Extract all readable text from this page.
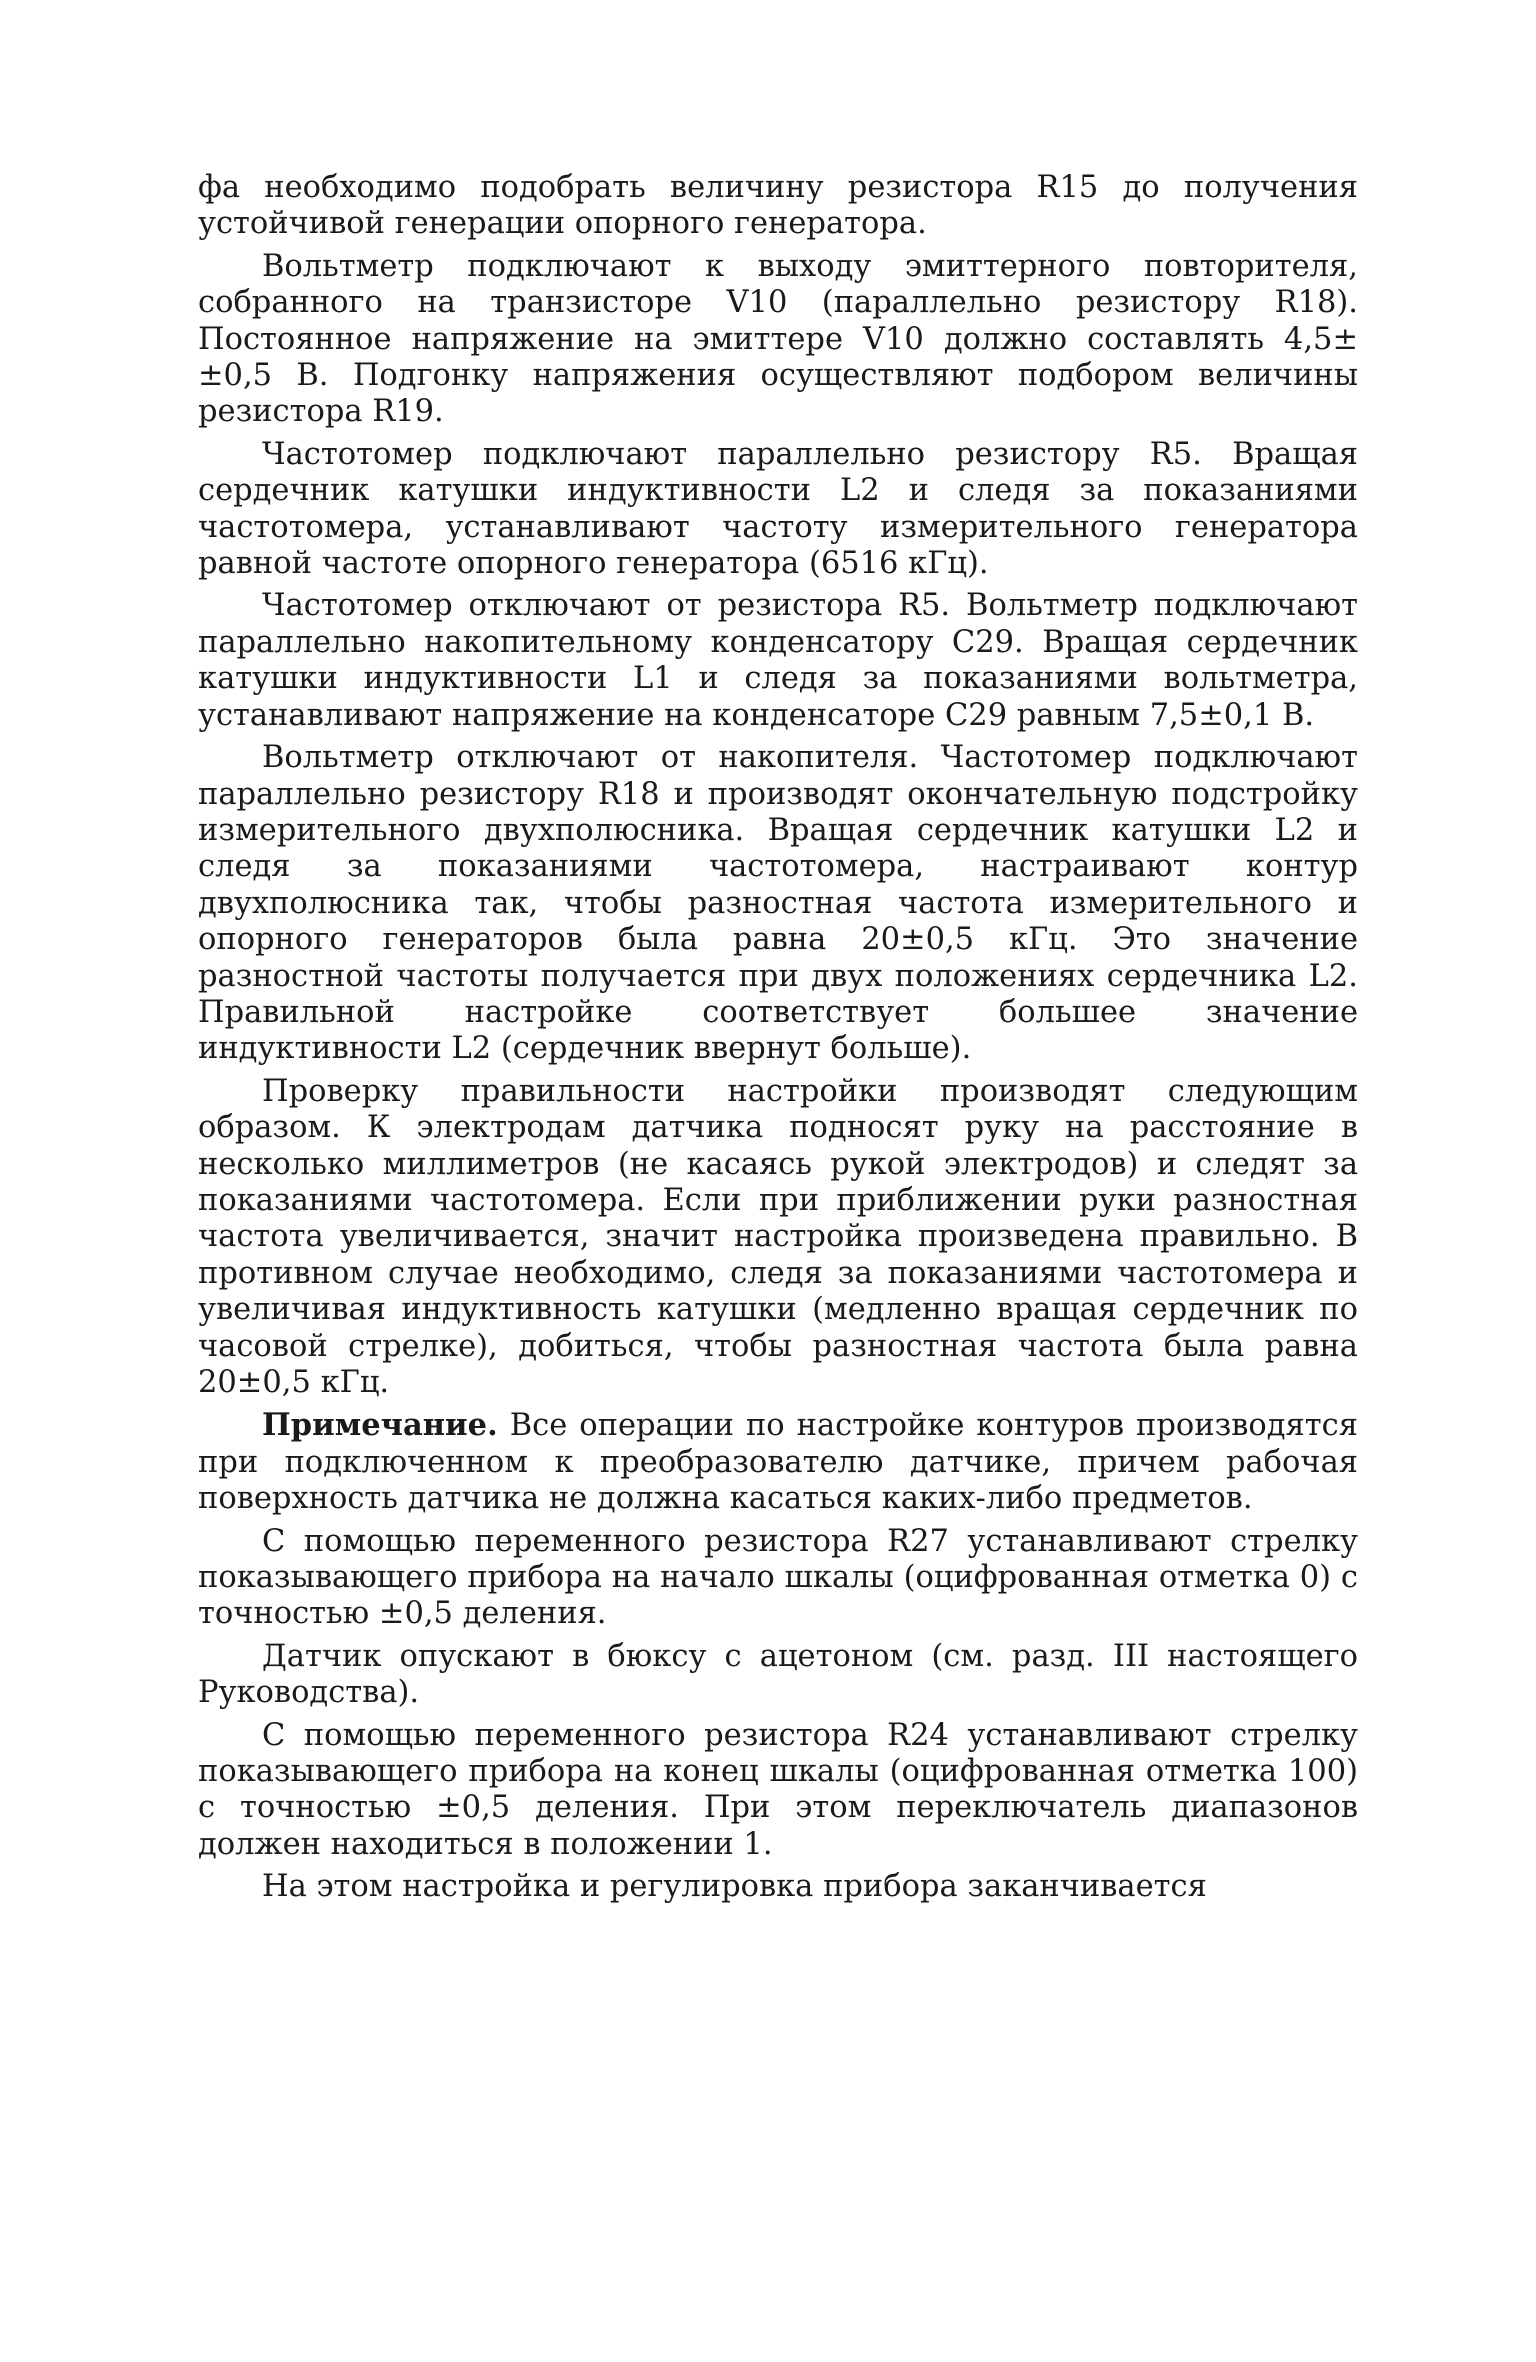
фа необходимо подобрать величину резистора R15 до получения устойчивой генерации опорного генератора.

Вольтметр подключают к выходу эмиттерного повторителя, собранного на транзисторе V10 (параллельно резистору R18). Постоянное напряжение на эмиттере V10 должно составлять 4,5±±0,5 В. Подгонку напряжения осуществляют подбором величины резистора R19.

Частотомер подключают параллельно резистору R5. Вращая сердечник катушки индуктивности L2 и следя за показаниями частотомера, устанавливают частоту измерительного генератора равной частоте опорного генератора (6516 кГц).

Частотомер отключают от резистора R5. Вольтметр подключают параллельно накопительному конденсатору C29. Вращая сердечник катушки индуктивности L1 и следя за показаниями вольтметра, устанавливают напряжение на конденсаторе C29 равным 7,5±0,1 В.

Вольтметр отключают от накопителя. Частотомер подключают параллельно резистору R18 и производят окончательную подстройку измерительного двухполюсника. Вращая сердечник катушки L2 и следя за показаниями частотомера, настраивают контур двухполюсника так, чтобы разностная частота измерительного и опорного генераторов была равна 20±0,5 кГц. Это значение разностной частоты получается при двух положениях сердечника L2. Правильной настройке соответствует большее значение индуктивности L2 (сердечник ввернут больше).

Проверку правильности настройки производят следующим образом. К электродам датчика подносят руку на расстояние в несколько миллиметров (не касаясь рукой электродов) и следят за показаниями частотомера. Если при приближении руки разностная частота увеличивается, значит настройка произведена правильно. В противном случае необходимо, следя за показаниями частотомера и увеличивая индуктивность катушки (медленно вращая сердечник по часовой стрелке), добиться, чтобы разностная частота была равна 20±0,5 кГц.

Примечание. Все операции по настройке контуров производятся при подключенном к преобразователю датчике, причем рабочая поверхность датчика не должна касаться каких-либо предметов.

С помощью переменного резистора R27 устанавливают стрелку показывающего прибора на начало шкалы (оцифрованная отметка 0) с точностью ±0,5 деления.

Датчик опускают в бюксу с ацетоном (см. разд. III настоящего Руководства).

С помощью переменного резистора R24 устанавливают стрелку показывающего прибора на конец шкалы (оцифрованная отметка 100) с точностью ±0,5 деления. При этом переключатель диапазонов должен находиться в положении 1.

На этом настройка и регулировка прибора заканчивается
